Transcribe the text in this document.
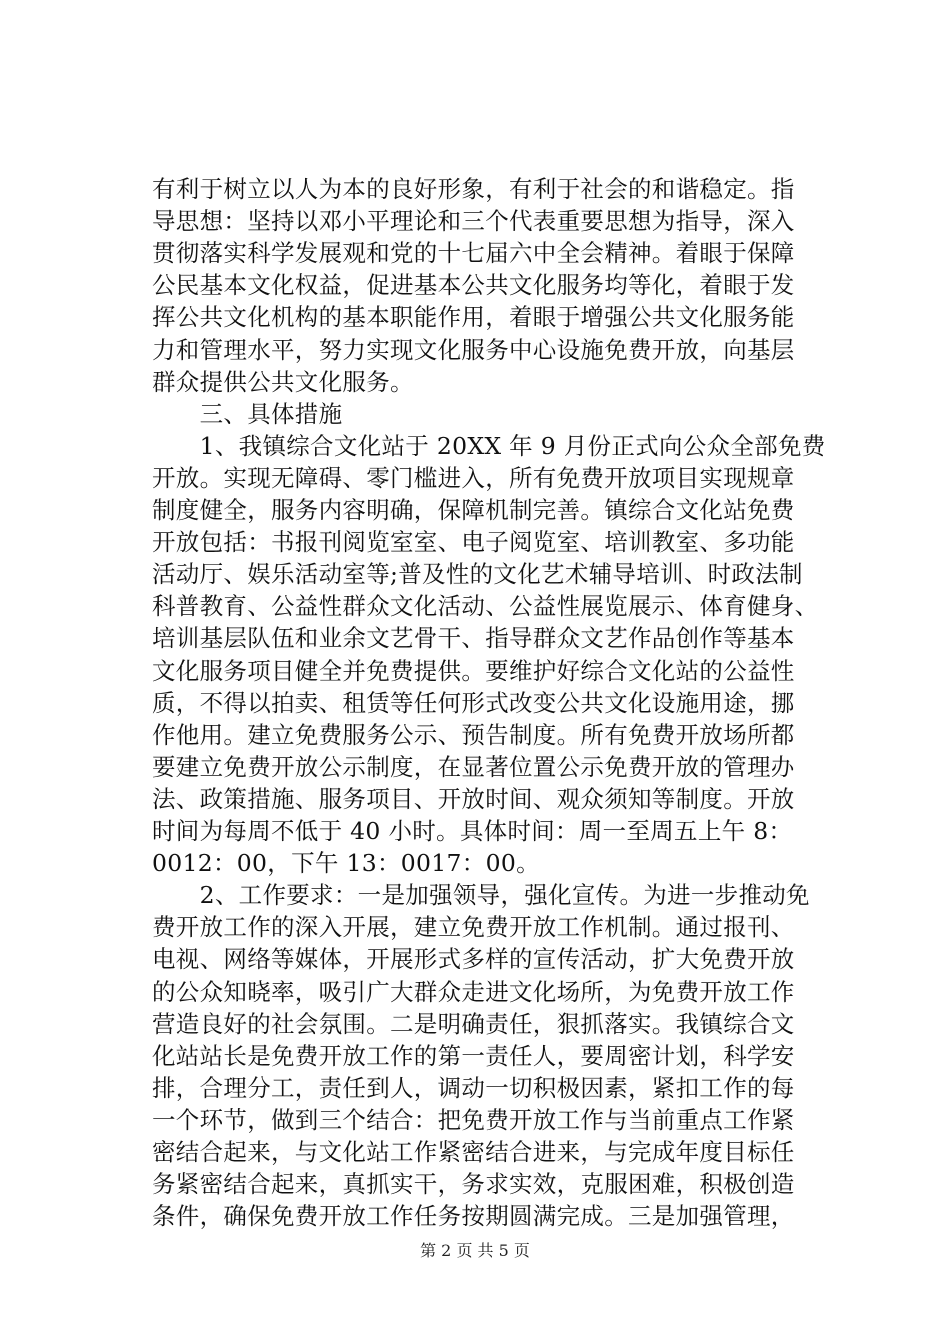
有利于树立以人为本的良好形象，有利于社会的和谐稳定。指
导思想：坚持以邓小平理论和三个代表重要思想为指导，深入
贯彻落实科学发展观和党的十七届六中全会精神。着眼于保障
公民基本文化权益，促进基本公共文化服务均等化，着眼于发
挥公共文化机构的基本职能作用，着眼于增强公共文化服务能
力和管理水平，努力实现文化服务中心设施免费开放，向基层
群众提供公共文化服务。
　　三、具体措施
　　1、我镇综合文化站于 20XX 年 9 月份正式向公众全部免费
开放。实现无障碍、零门槛进入，所有免费开放项目实现规章
制度健全，服务内容明确，保障机制完善。镇综合文化站免费
开放包括：书报刊阅览室室、电子阅览室、培训教室、多功能
活动厅、娱乐活动室等;普及性的文化艺术辅导培训、时政法制
科普教育、公益性群众文化活动、公益性展览展示、体育健身、
培训基层队伍和业余文艺骨干、指导群众文艺作品创作等基本
文化服务项目健全并免费提供。要维护好综合文化站的公益性
质，不得以拍卖、租赁等任何形式改变公共文化设施用途，挪
作他用。建立免费服务公示、预告制度。所有免费开放场所都
要建立免费开放公示制度，在显著位置公示免费开放的管理办
法、政策措施、服务项目、开放时间、观众须知等制度。开放
时间为每周不低于 40 小时。具体时间：周一至周五上午 8：
0012：00，下午 13：0017：00。
　　2、工作要求：一是加强领导，强化宣传。为进一步推动免
费开放工作的深入开展，建立免费开放工作机制。通过报刊、
电视、网络等媒体，开展形式多样的宣传活动，扩大免费开放
的公众知晓率，吸引广大群众走进文化场所，为免费开放工作
营造良好的社会氛围。二是明确责任，狠抓落实。我镇综合文
化站站长是免费开放工作的第一责任人，要周密计划，科学安
排，合理分工，责任到人，调动一切积极因素，紧扣工作的每
一个环节，做到三个结合：把免费开放工作与当前重点工作紧
密结合起来，与文化站工作紧密结合进来，与完成年度目标任
务紧密结合起来，真抓实干，务求实效，克服困难，积极创造
条件，确保免费开放工作任务按期圆满完成。三是加强管理，
第 2 页 共 5 页
